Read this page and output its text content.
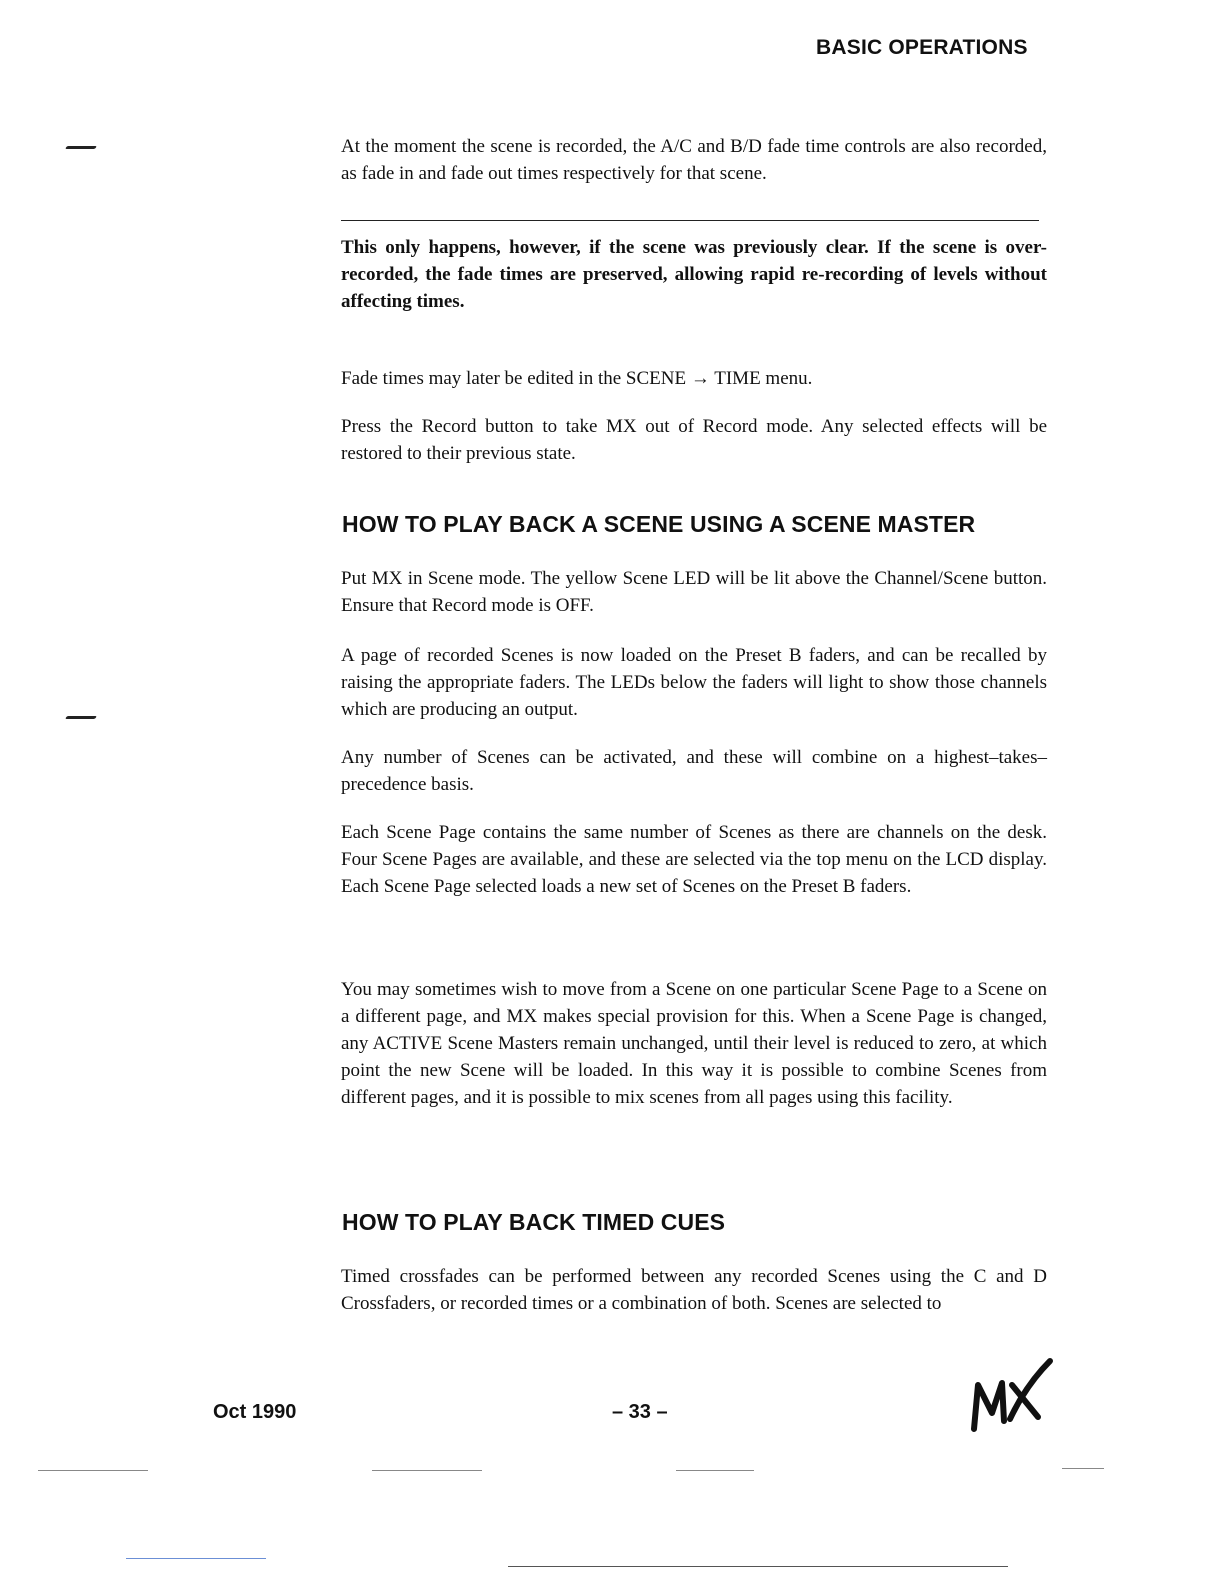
BASIC OPERATIONS
At the moment the scene is recorded, the A/C and B/D fade time controls are also recorded, as fade in and fade out times respectively for that scene.
This only happens, however, if the scene was previously clear. If the scene is over-recorded, the fade times are preserved, allowing rapid re-recording of levels without affecting times.
Fade times may later be edited in the SCENE → TIME menu.
Press the Record button to take MX out of Record mode. Any selected effects will be restored to their previous state.
HOW TO PLAY BACK A SCENE USING A SCENE MASTER
Put MX in Scene mode. The yellow Scene LED will be lit above the Channel/Scene button. Ensure that Record mode is OFF.
A page of recorded Scenes is now loaded on the Preset B faders, and can be recalled by raising the appropriate faders. The LEDs below the faders will light to show those channels which are producing an output.
Any number of Scenes can be activated, and these will combine on a highest–takes–precedence basis.
Each Scene Page contains the same number of Scenes as there are channels on the desk. Four Scene Pages are available, and these are selected via the top menu on the LCD display. Each Scene Page selected loads a new set of Scenes on the Preset B faders.
You may sometimes wish to move from a Scene on one particular Scene Page to a Scene on a different page, and MX makes special provision for this. When a Scene Page is changed, any ACTIVE Scene Masters remain unchanged, until their level is reduced to zero, at which point the new Scene will be loaded. In this way it is possible to combine Scenes from different pages, and it is possible to mix scenes from all pages using this facility.
HOW TO PLAY BACK TIMED CUES
Timed crossfades can be performed between any recorded Scenes using the C and D Crossfaders, or recorded times or a combination of both. Scenes are selected to
Oct 1990	– 33 –
